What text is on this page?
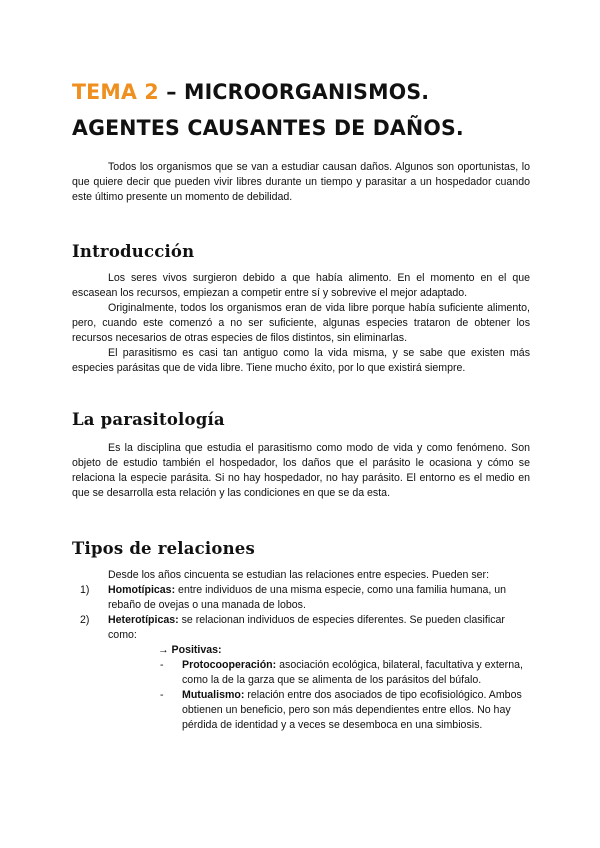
TEMA 2 – MICROORGANISMOS. AGENTES CAUSANTES DE DAÑOS.

Todos los organismos que se van a estudiar causan daños. Algunos son oportunistas, lo que quiere decir que pueden vivir libres durante un tiempo y parasitar a un hospedador cuando este último presente un momento de debilidad.

Introducción

Los seres vivos surgieron debido a que había alimento. En el momento en el que escasean los recursos, empiezan a competir entre sí y sobrevive el mejor adaptado.

Originalmente, todos los organismos eran de vida libre porque había suficiente alimento, pero, cuando este comenzó a no ser suficiente, algunas especies trataron de obtener los recursos necesarios de otras especies de filos distintos, sin eliminarlas.

El parasitismo es casi tan antiguo como la vida misma, y se sabe que existen más especies parásitas que de vida libre. Tiene mucho éxito, por lo que existirá siempre.

La parasitología

Es la disciplina que estudia el parasitismo como modo de vida y como fenómeno. Son objeto de estudio también el hospedador, los daños que el parásito le ocasiona y cómo se relaciona la especie parásita. Si no hay hospedador, no hay parásito. El entorno es el medio en que se desarrolla esta relación y las condiciones en que se da esta.

Tipos de relaciones

Desde los años cincuenta se estudian las relaciones entre especies. Pueden ser:

1)	Homotípicas: entre individuos de una misma especie, como una familia humana, un rebaño de ovejas o una manada de lobos.
2)	Heterotípicas: se relacionan individuos de especies diferentes. Se pueden clasificar como:
→ Positivas:
-	Protocooperación: asociación ecológica, bilateral, facultativa y externa, como la de la garza que se alimenta de los parásitos del búfalo.
-	Mutualismo: relación entre dos asociados de tipo ecofisiológico. Ambos obtienen un beneficio, pero son más dependientes entre ellos. No hay pérdida de identidad y a veces se desemboca en una simbiosis.
